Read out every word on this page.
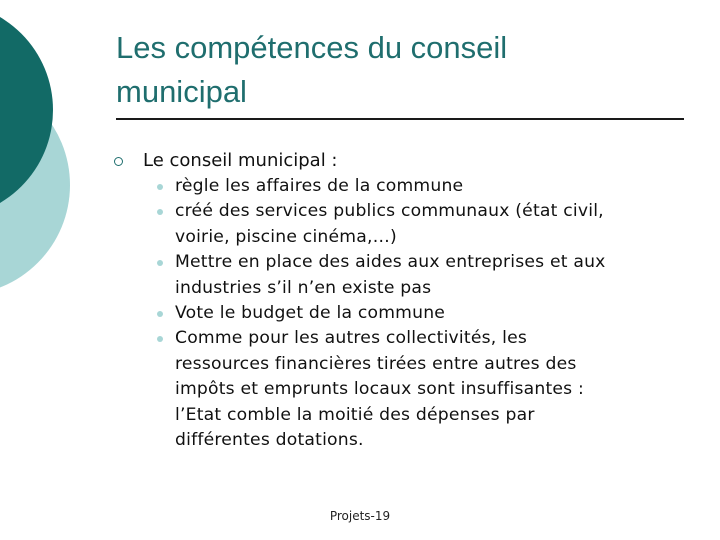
Les compétences du conseil
municipal
Le conseil municipal :
règle les affaires de la commune
créé des services publics communaux (état civil,
voirie, piscine cinéma,…)
Mettre en place des aides aux entreprises et aux
industries s’il n’en existe pas
Vote le budget de la commune
Comme pour les autres collectivités, les
ressources financières tirées entre autres des
impôts et emprunts locaux sont insuffisantes :
l’Etat comble la moitié des dépenses par
différentes dotations.
Projets-19
